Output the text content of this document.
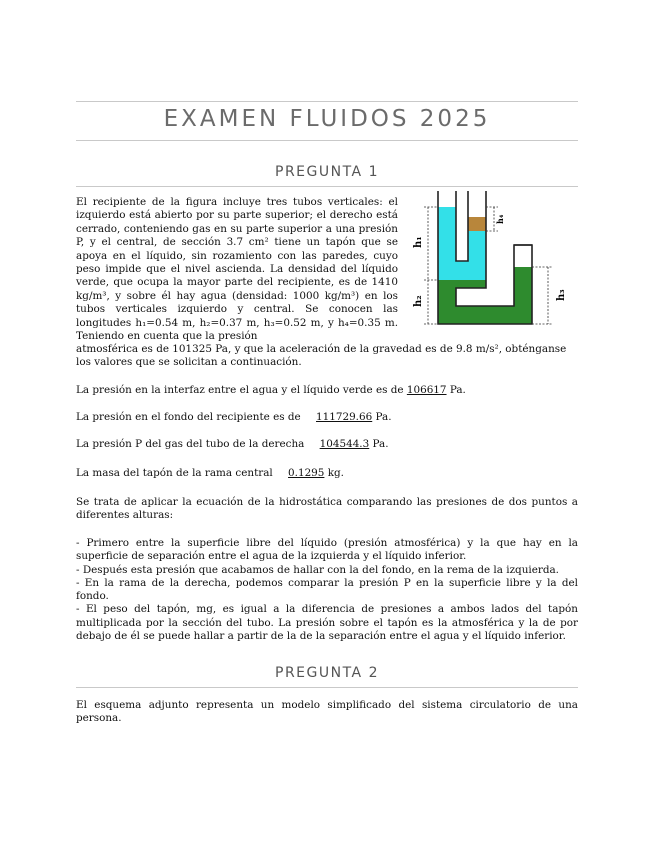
EXAMEN FLUIDOS 2025
PREGUNTA 1
El recipiente de la figura incluye tres tubos verticales: el izquierdo está abierto por su parte superior; el derecho está cerrado, conteniendo gas en su parte superior a una presión P, y el central, de sección 3.7 cm² tiene un tapón que se apoya en el líquido, sin rozamiento con las paredes, cuyo peso impide que el nivel ascienda. La densidad del líquido verde, que ocupa la mayor parte del recipiente, es de 1410 kg/m³, y sobre él hay agua (densidad: 1000 kg/m³) en los tubos verticales izquierdo y central. Se conocen las longitudes h₁=0.54 m, h₂=0.37 m, h₃=0.52 m, y h₄=0.35 m. Teniendo en cuenta que la presión
h₁
h₂
h₃
h₄
atmosférica es de 101325 Pa, y que la aceleración de la gravedad es de 9.8 m/s², obténganse los valores que se solicitan a continuación.
La presión en la interfaz entre el agua y el líquido verde es de 106617 Pa.
La presión en el fondo del recipiente es de 111729.66 Pa.
La presión P del gas del tubo de la derecha 104544.3 Pa.
La masa del tapón de la rama central 0.1295 kg.
Se trata de aplicar la ecuación de la hidrostática comparando las presiones de dos puntos a diferentes alturas:

- Primero entre la superficie libre del líquido (presión atmosférica) y la que hay en la superficie de separación entre el agua de la izquierda y el líquido inferior.

- Después esta presión que acabamos de hallar con la del fondo, en la rema de la izquierda.

- En la rama de la derecha, podemos comparar la presión P en la superficie libre y la del fondo.

- El peso del tapón, mg, es igual a la diferencia de presiones a ambos lados del tapón multiplicada por la sección del tubo. La presión sobre el tapón es la atmosférica y la de por debajo de él se puede hallar a partir de la de la separación entre el agua y el líquido inferior.

PREGUNTA 2
El esquema adjunto representa un modelo simplificado del sistema circulatorio de una persona.
